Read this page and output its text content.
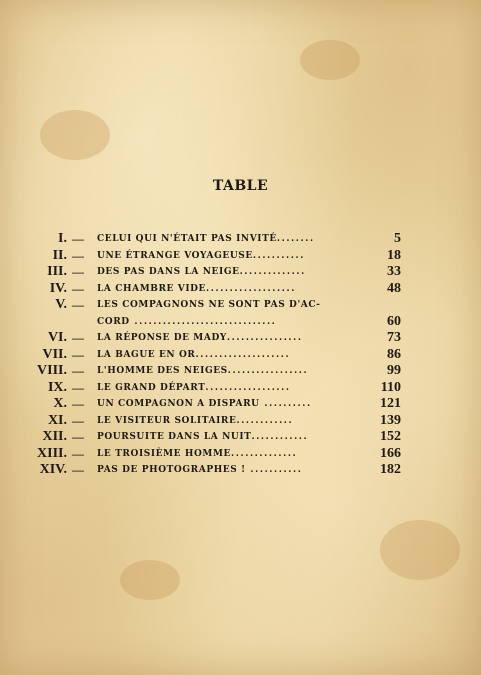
TABLE
I. — CELUI QUI N'ÉTAIT PAS INVITÉ........	5
II. — UNE ÉTRANGE VOYAGEUSE...........	18
III. — DES PAS DANS LA NEIGE..............	33
IV. — LA CHAMBRE VIDE...................	48
V. — LES COMPAGNONS NE SONT PAS D'AC-
CORD ..............................	60
VI. — LA RÉPONSE DE MADY................	73
VII. — LA BAGUE EN OR....................	86
VIII. — L'HOMME DES NEIGES.................	99
IX. — LE GRAND DÉPART..................	110
X. — UN COMPAGNON A DISPARU ..........	121
XI. — LE VISITEUR SOLITAIRE............	139
XII. — POURSUITE DANS LA NUIT............	152
XIII. — LE TROISIÈME HOMME..............	166
XIV. — PAS DE PHOTOGRAPHES ! ...........	182
